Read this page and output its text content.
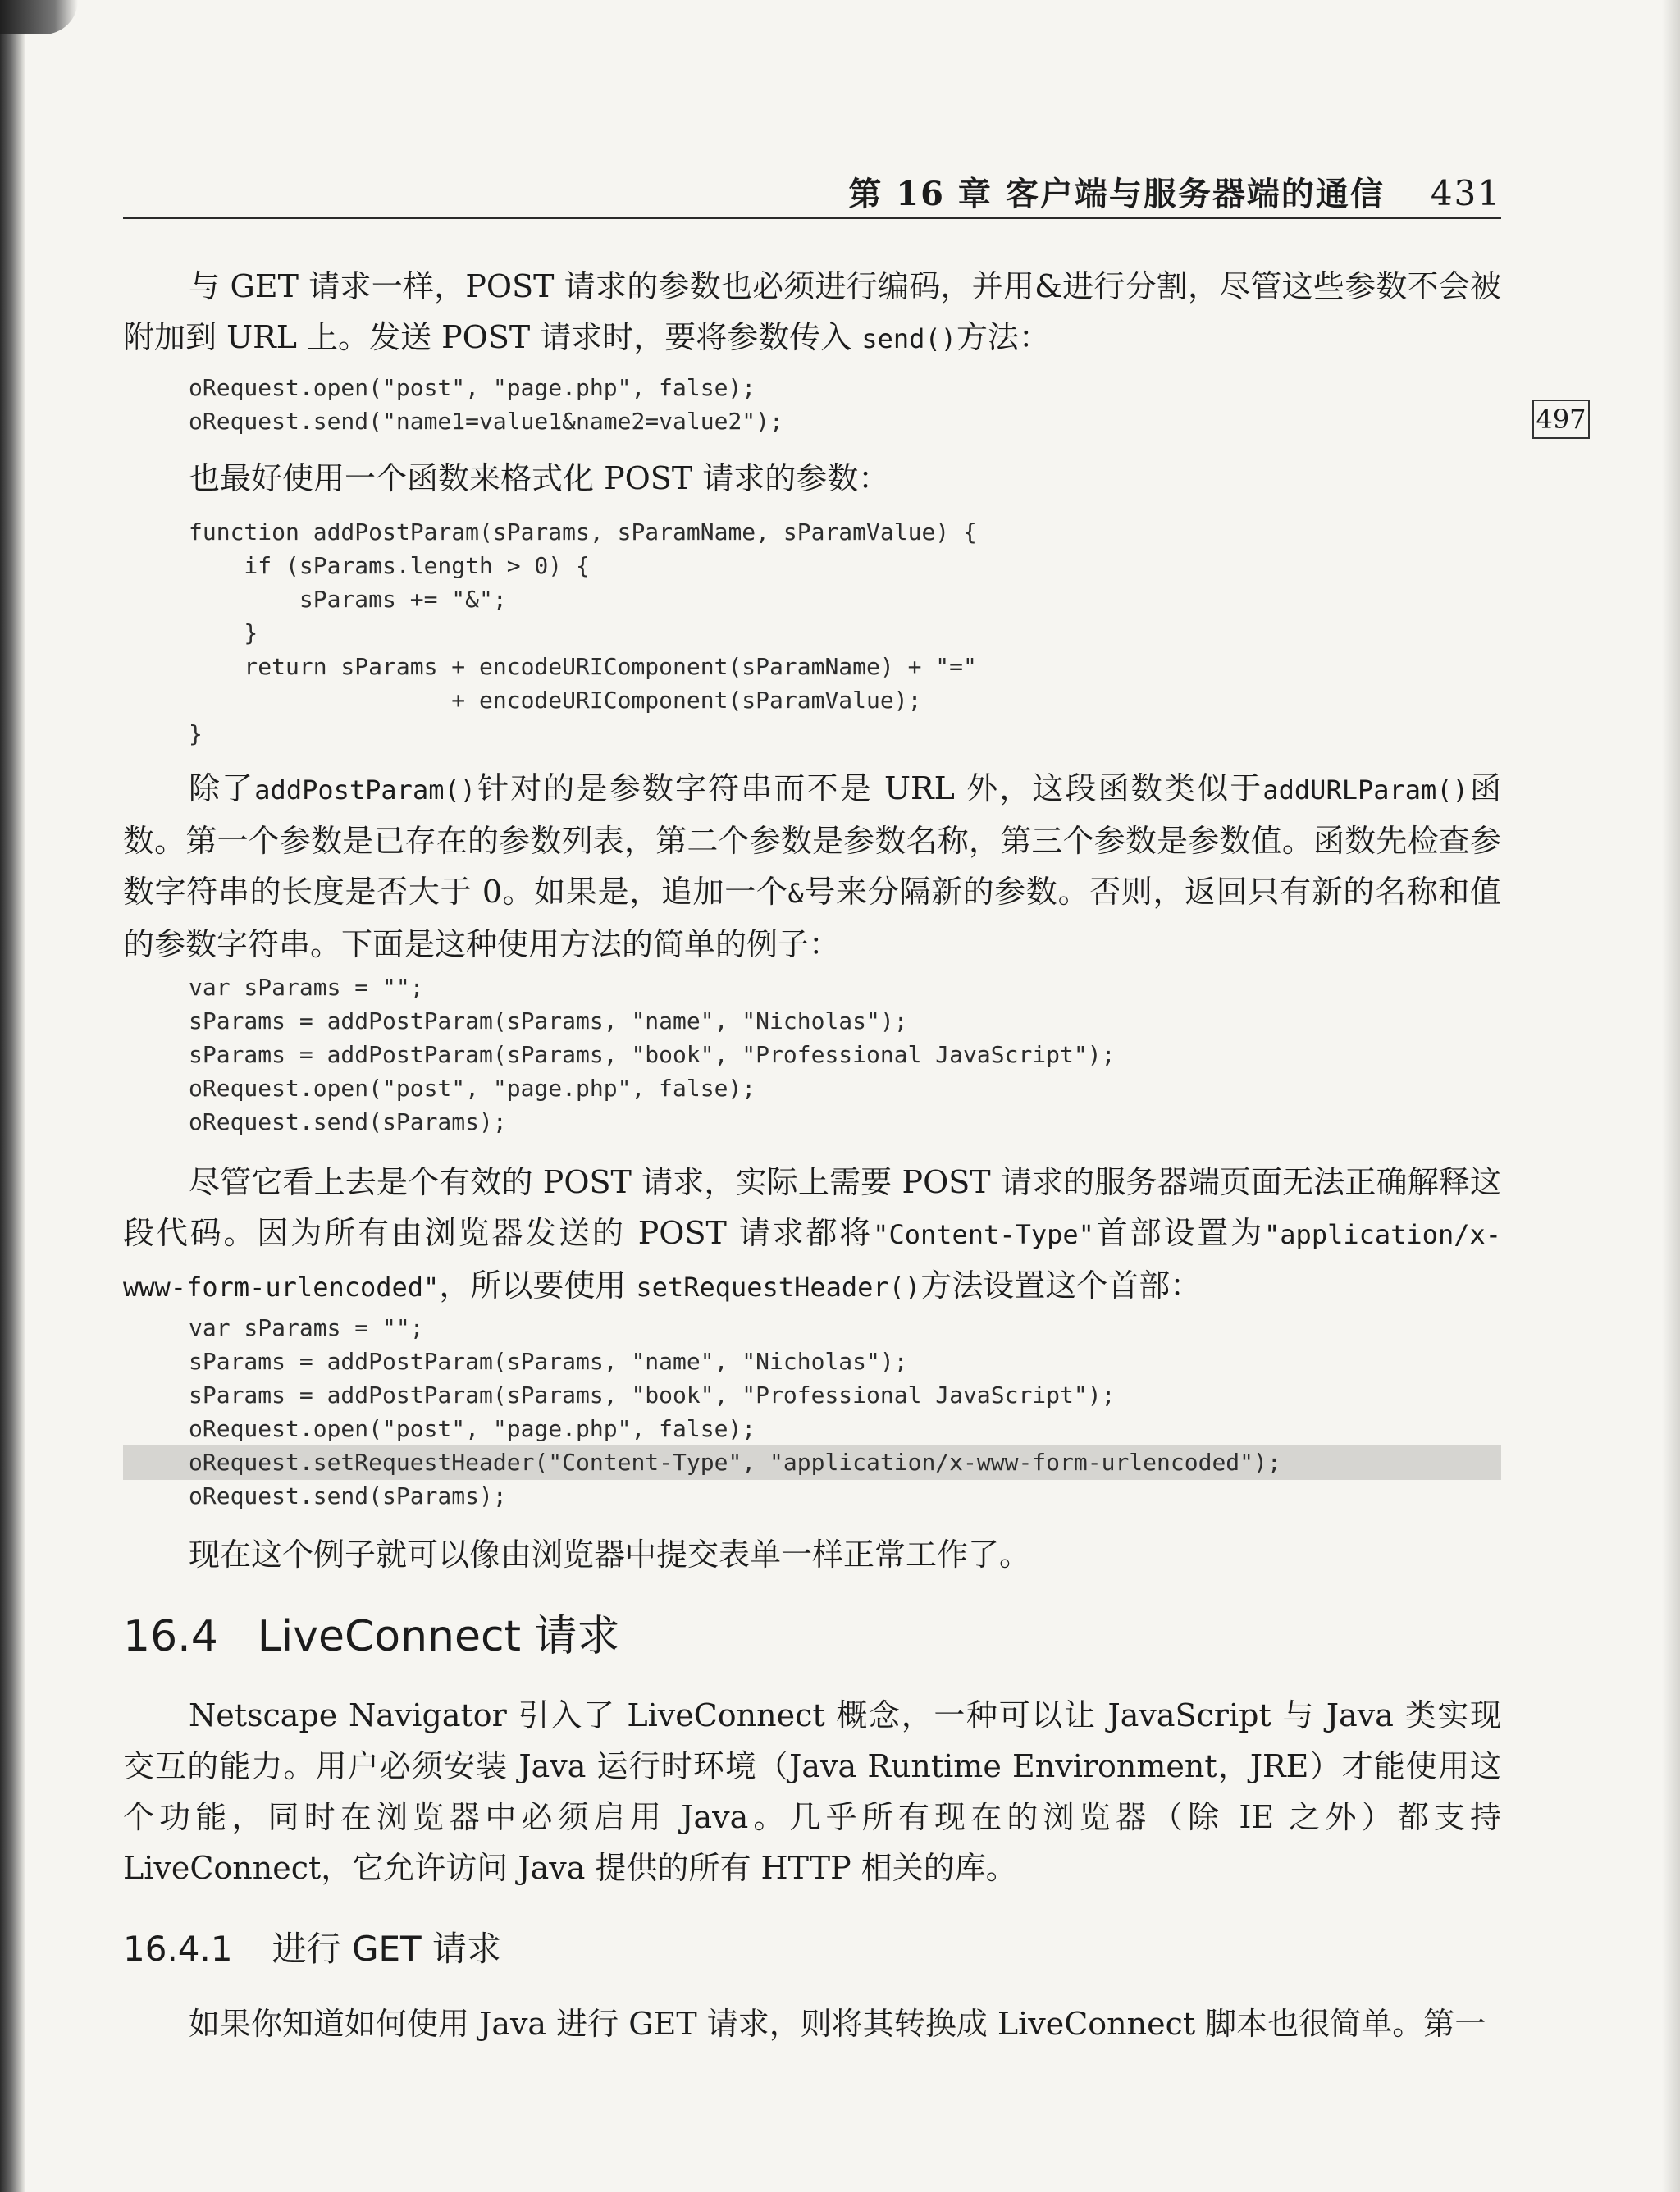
第 16 章 客户端与服务器端的通信 431
497

与 GET 请求一样，POST 请求的参数也必须进行编码，并用&进行分割，尽管这些参数不会被附加到 URL 上。发送 POST 请求时，要将参数传入 send()方法：

oRequest.open("post", "page.php", false);
oRequest.send("name1=value1&name2=value2");

也最好使用一个函数来格式化 POST 请求的参数：

function addPostParam(sParams, sParamName, sParamValue) {
if (sParams.length > 0) {
sParams += "&";
}
return sParams + encodeURIComponent(sParamName) + "="
+ encodeURIComponent(sParamValue);
}

除了addPostParam()针对的是参数字符串而不是 URL 外，这段函数类似于addURLParam()函数。第一个参数是已存在的参数列表，第二个参数是参数名称，第三个参数是参数值。函数先检查参数字符串的长度是否大于 0。如果是，追加一个&号来分隔新的参数。否则，返回只有新的名称和值的参数字符串。下面是这种使用方法的简单的例子：

var sParams = "";
sParams = addPostParam(sParams, "name", "Nicholas");
sParams = addPostParam(sParams, "book", "Professional JavaScript");
oRequest.open("post", "page.php", false);
oRequest.send(sParams);

尽管它看上去是个有效的 POST 请求，实际上需要 POST 请求的服务器端页面无法正确解释这段代码。因为所有由浏览器发送的 POST 请求都将"Content-Type"首部设置为"application/x-www-form-urlencoded"，所以要使用 setRequestHeader()方法设置这个首部：

var sParams = "";
sParams = addPostParam(sParams, "name", "Nicholas");
sParams = addPostParam(sParams, "book", "Professional JavaScript");
oRequest.open("post", "page.php", false);
oRequest.setRequestHeader("Content-Type", "application/x-www-form-urlencoded");
oRequest.send(sParams);

现在这个例子就可以像由浏览器中提交表单一样正常工作了。

16.4 LiveConnect 请求

Netscape Navigator 引入了 LiveConnect 概念，一种可以让 JavaScript 与 Java 类实现交互的能力。用户必须安装 Java 运行时环境（Java Runtime Environment，JRE）才能使用这个功能，同时在浏览器中必须启用 Java。几乎所有现在的浏览器（除 IE 之外）都支持 LiveConnect，它允许访问 Java 提供的所有 HTTP 相关的库。

16.4.1 进行 GET 请求

如果你知道如何使用 Java 进行 GET 请求，则将其转换成 LiveConnect 脚本也很简单。第一
